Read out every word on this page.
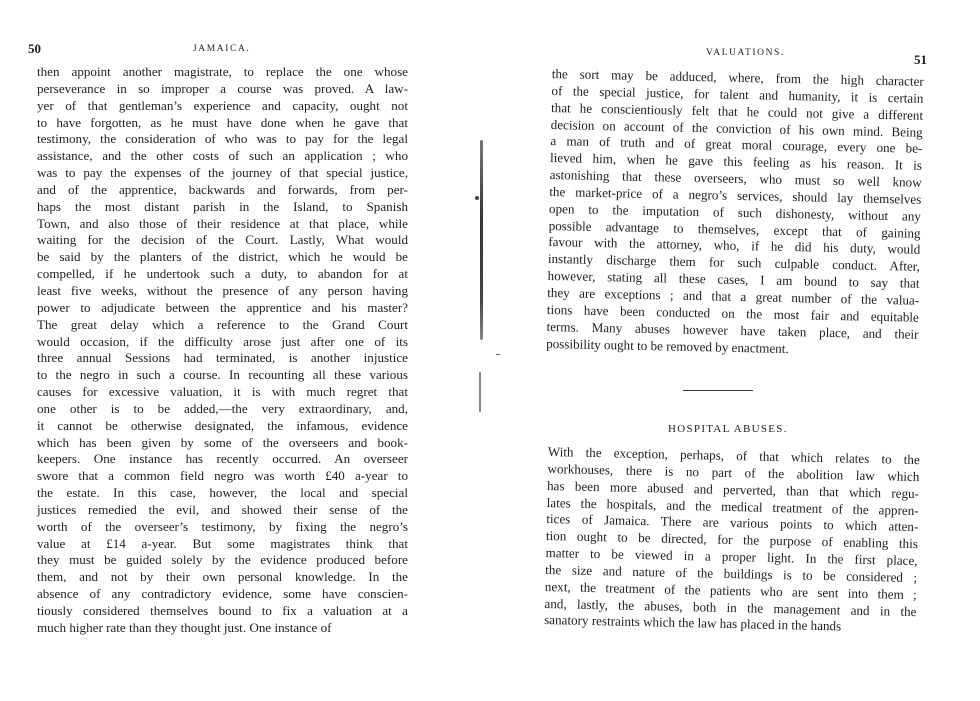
50	JAMAICA.
then appoint another magistrate, to replace the one whose
perseverance in so improper a course was proved. A law-
yer of that gentleman’s experience and capacity, ought not
to have forgotten, as he must have done when he gave that
testimony, the consideration of who was to pay for the legal
assistance, and the other costs of such an application ; who
was to pay the expenses of the journey of that special justice,
and of the apprentice, backwards and forwards, from per-
haps the most distant parish in the Island, to Spanish
Town, and also those of their residence at that place, while
waiting for the decision of the Court. Lastly, What would
be said by the planters of the district, which he would be
compelled, if he undertook such a duty, to abandon for at
least five weeks, without the presence of any person having
power to adjudicate between the apprentice and his master?
The great delay which a reference to the Grand Court
would occasion, if the difficulty arose just after one of its
three annual Sessions had terminated, is another injustice
to the negro in such a course. In recounting all these various
causes for excessive valuation, it is with much regret that
one other is to be added,—the very extraordinary, and,
it cannot be otherwise designated, the infamous, evidence
which has been given by some of the overseers and book-
keepers. One instance has recently occurred. An overseer
swore that a common field negro was worth £40 a-year to
the estate. In this case, however, the local and special
justices remedied the evil, and showed their sense of the
worth of the overseer’s testimony, by fixing the negro’s
value at £14 a-year. But some magistrates think that
they must be guided solely by the evidence produced before
them, and not by their own personal knowledge. In the
absence of any contradictory evidence, some have conscien-
tiously considered themselves bound to fix a valuation at a
much higher rate than they thought just. One instance of
VALUATIONS.	51
the sort may be adduced, where, from the high character
of the special justice, for talent and humanity, it is certain
that he conscientiously felt that he could not give a different
decision on account of the conviction of his own mind. Being
a man of truth and of great moral courage, every one be-
lieved him, when he gave this feeling as his reason. It is
astonishing that these overseers, who must so well know
the market-price of a negro’s services, should lay themselves
open to the imputation of such dishonesty, without any
possible advantage to themselves, except that of gaining
favour with the attorney, who, if he did his duty, would
instantly discharge them for such culpable conduct. After,
however, stating all these cases, I am bound to say that
they are exceptions ; and that a great number of the valua-
tions have been conducted on the most fair and equitable
terms. Many abuses however have taken place, and their
possibility ought to be removed by enactment.
HOSPITAL ABUSES.
With the exception, perhaps, of that which relates to the
workhouses, there is no part of the abolition law which
has been more abused and perverted, than that which regu-
lates the hospitals, and the medical treatment of the appren-
tices of Jamaica. There are various points to which atten-
tion ought to be directed, for the purpose of enabling this
matter to be viewed in a proper light. In the first place,
the size and nature of the buildings is to be considered ;
next, the treatment of the patients who are sent into them ;
and, lastly, the abuses, both in the management and in the
sanatory restraints which the law has placed in the hands
